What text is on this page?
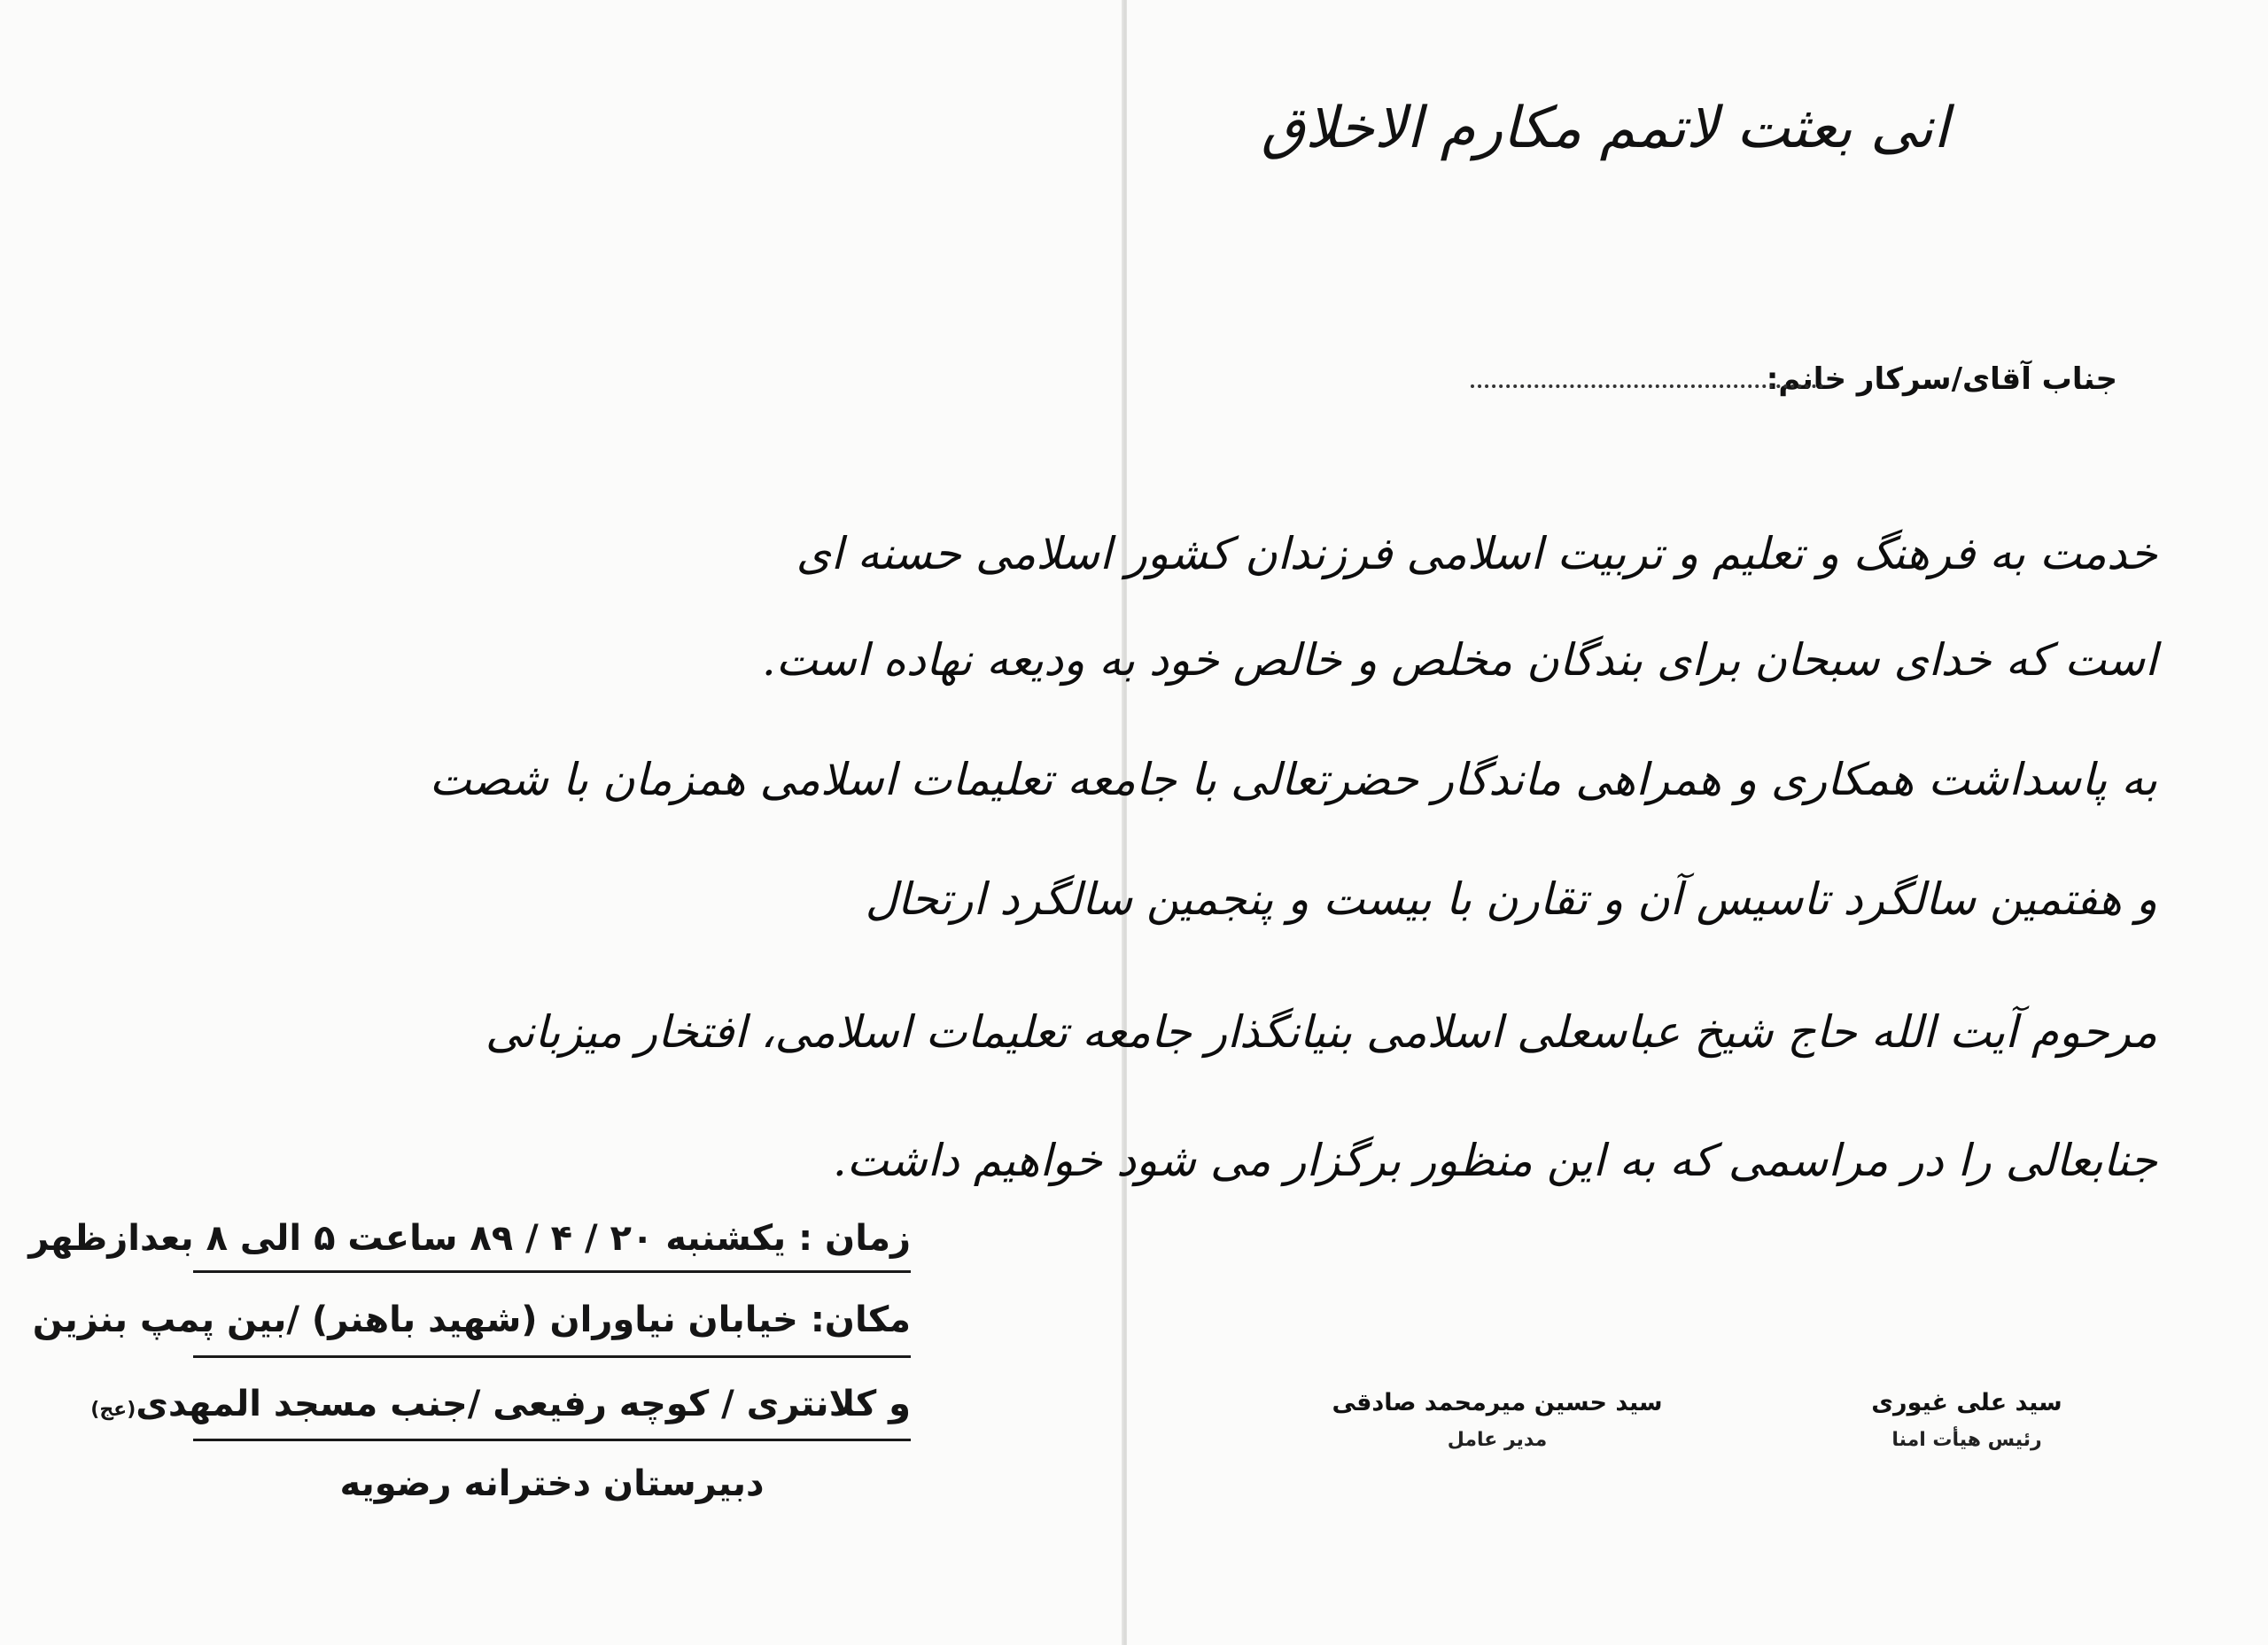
زمان : یکشنبه ۲۰ / ۴ / ۸۹ ساعت ۵ الی ۸ بعدازظهر
مکان: خیابان نیاوران (شهید باهنر) /بین پمپ بنزین
و کلانتری / کوچه رفیعی /جنب مسجد المهدی(عج)
دبیرستان دخترانه رضویه
انی بعثت لاتمم مکارم الاخلاق
جناب آقای/سرکار خانم:
خدمت به فرهنگ و تعلیم و تربیت اسلامی فرزندان کشور اسلامی حسنه ای
است که خدای سبحان برای بندگان مخلص و خالص خود به ودیعه نهاده است.
به پاسداشت همکاری و همراهی ماندگار حضرتعالی با جامعه تعلیمات اسلامی همزمان با شصت
و هفتمین سالگرد تاسیس آن و تقارن با بیست و پنجمین سالگرد ارتحال
مرحوم آیت الله حاج شیخ عباسعلی اسلامی بنیانگذار جامعه تعلیمات اسلامی، افتخار میزبانی
جنابعالی را در مراسمی که به این منظور برگزار می شود خواهیم داشت.
سید حسین میرمحمد صادقی
مدیر عامل
سید علی غیوری
رئیس هیأت امنا
